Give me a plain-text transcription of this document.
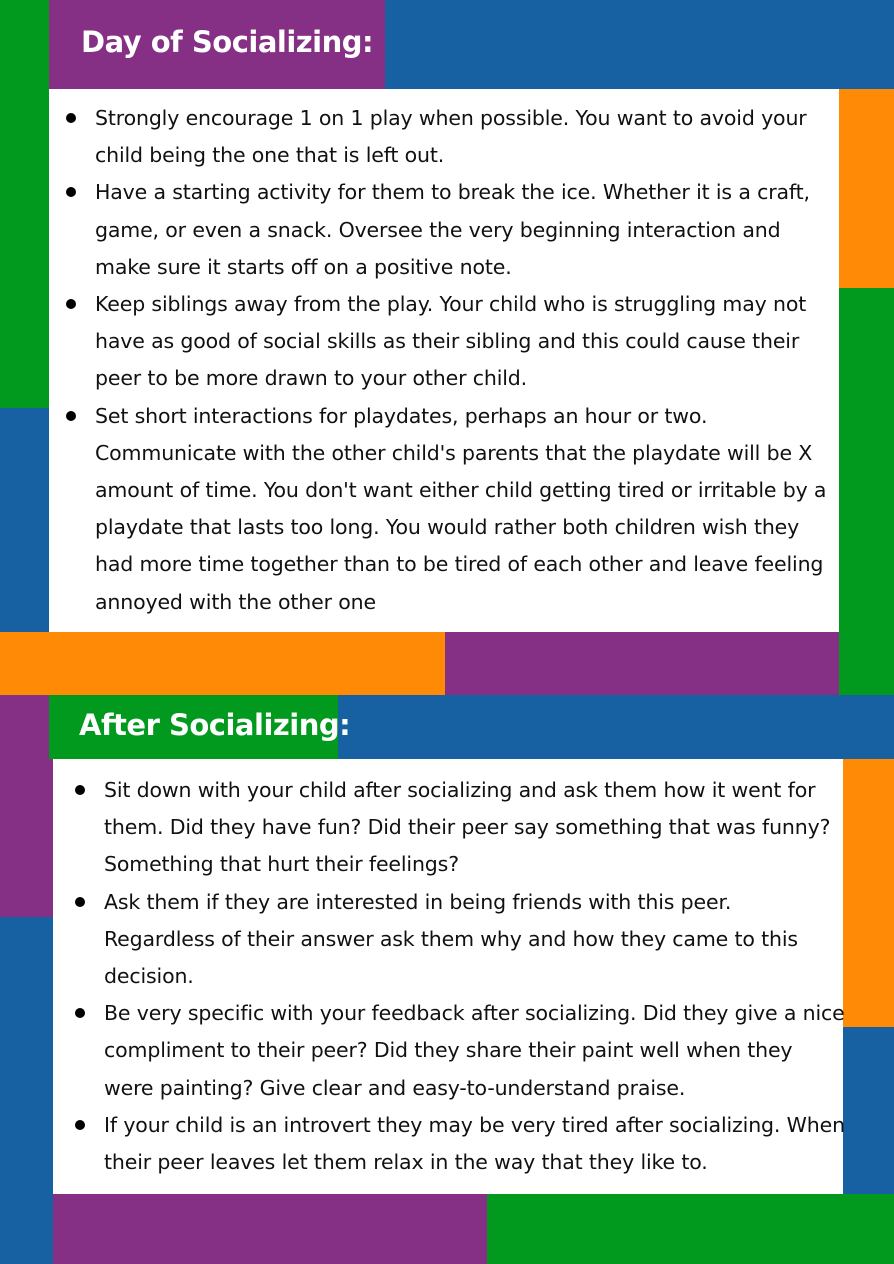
Day of Socializing:
Strongly encourage 1 on 1 play when possible. You want to avoid your child being the one that is left out.
Have a starting activity for them to break the ice. Whether it is a craft, game, or even a snack. Oversee the very beginning interaction and make sure it starts off on a positive note.
Keep siblings away from the play. Your child who is struggling may not have as good of social skills as their sibling and this could cause their peer to be more drawn to your other child.
Set short interactions for playdates, perhaps an hour or two. Communicate with the other child's parents that the playdate will be X amount of time. You don't want either child getting tired or irritable by a playdate that lasts too long. You would rather both children wish they had more time together than to be tired of each other and leave feeling annoyed with the other one
After Socializing:
Sit down with your child after socializing and ask them how it went for them. Did they have fun? Did their peer say something that was funny? Something that hurt their feelings?
Ask them if they are interested in being friends with this peer. Regardless of their answer ask them why and how they came to this decision.
Be very specific with your feedback after socializing. Did they give a nice compliment to their peer? Did they share their paint well when they were painting? Give clear and easy-to-understand praise.
If your child is an introvert they may be very tired after socializing. When their peer leaves let them relax in the way that they like to.
